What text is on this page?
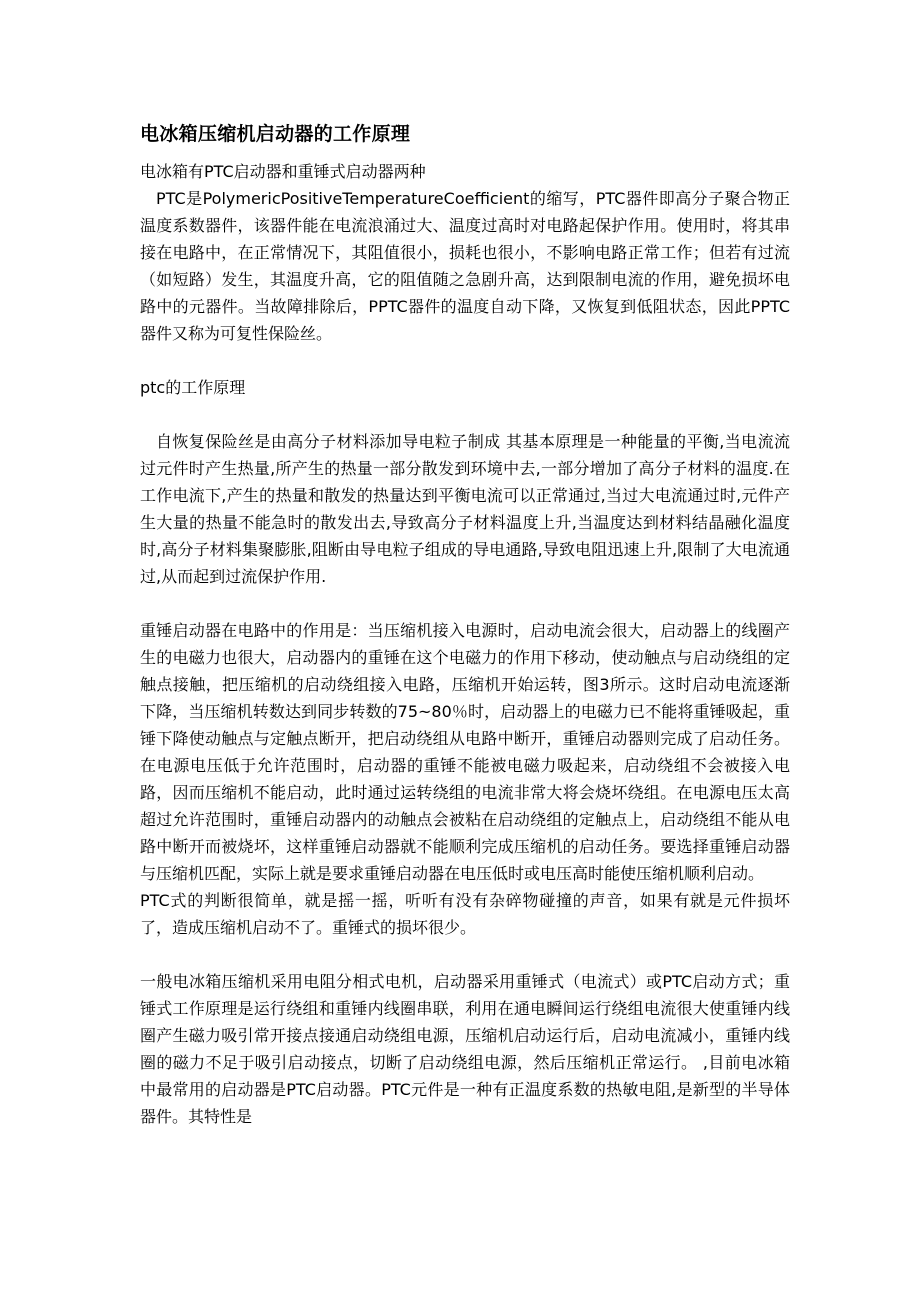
电冰箱压缩机启动器的工作原理

电冰箱有PTC启动器和重锤式启动器两种

PTC是PolymericPositiveTemperatureCoefficient的缩写，PTC器件即高分子聚合物正温度系数器件，该器件能在电流浪涌过大、温度过高时对电路起保护作用。使用时，将其串接在电路中，在正常情况下，其阻值很小，损耗也很小，不影响电路正常工作；但若有过流（如短路）发生，其温度升高，它的阻值随之急剧升高，达到限制电流的作用，避免损坏电路中的元器件。当故障排除后，PPTC器件的温度自动下降，又恢复到低阻状态，因此PPTC器件又称为可复性保险丝。

ptc的工作原理

自恢复保险丝是由高分子材料添加导电粒子制成 其基本原理是一种能量的平衡,当电流流过元件时产生热量,所产生的热量一部分散发到环境中去,一部分增加了高分子材料的温度.在工作电流下,产生的热量和散发的热量达到平衡电流可以正常通过,当过大电流通过时,元件产生大量的热量不能急时的散发出去,导致高分子材料温度上升,当温度达到材料结晶融化温度时,高分子材料集聚膨胀,阻断由导电粒子组成的导电通路,导致电阻迅速上升,限制了大电流通过,从而起到过流保护作用.

重锤启动器在电路中的作用是：当压缩机接入电源时，启动电流会很大，启动器上的线圈产生的电磁力也很大，启动器内的重锤在这个电磁力的作用下移动，使动触点与启动绕组的定触点接触，把压缩机的启动绕组接入电路，压缩机开始运转，图3所示。这时启动电流逐渐下降，当压缩机转数达到同步转数的75~80％时，启动器上的电磁力已不能将重锤吸起，重锤下降使动触点与定触点断开，把启动绕组从电路中断开，重锤启动器则完成了启动任务。在电源电压低于允许范围时，启动器的重锤不能被电磁力吸起来，启动绕组不会被接入电路，因而压缩机不能启动，此时通过运转绕组的电流非常大将会烧坏绕组。在电源电压太高超过允许范围时，重锤启动器内的动触点会被粘在启动绕组的定触点上，启动绕组不能从电路中断开而被烧坏，这样重锤启动器就不能顺利完成压缩机的启动任务。要选择重锤启动器与压缩机匹配，实际上就是要求重锤启动器在电压低时或电压高时能使压缩机顺利启动。

PTC式的判断很简单，就是摇一摇，听听有没有杂碎物碰撞的声音，如果有就是元件损坏了，造成压缩机启动不了。重锤式的损坏很少。

一般电冰箱压缩机采用电阻分相式电机，启动器采用重锤式（电流式）或PTC启动方式；重锤式工作原理是运行绕组和重锤内线圈串联，利用在通电瞬间运行绕组电流很大使重锤内线圈产生磁力吸引常开接点接通启动绕组电源，压缩机启动运行后，启动电流减小，重锤内线圈的磁力不足于吸引启动接点，切断了启动绕组电源，然后压缩机正常运行。 ,目前电冰箱中最常用的启动器是PTC启动器。PTC元件是一种有正温度系数的热敏电阻,是新型的半导体器件。其特性是
